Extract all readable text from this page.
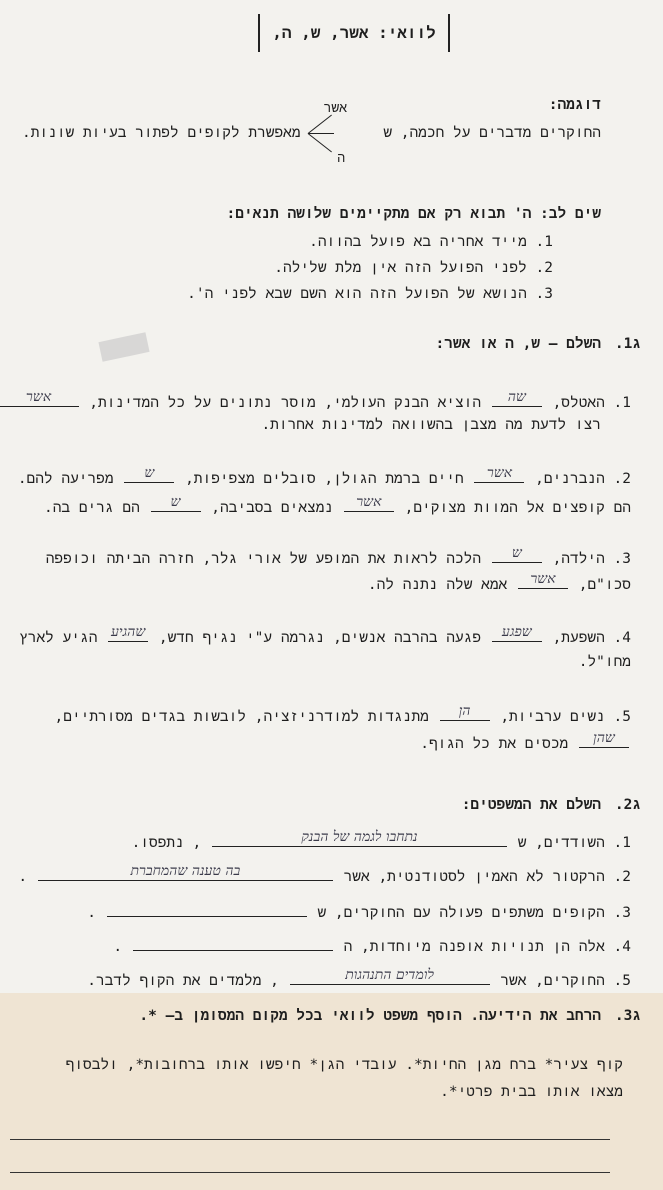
לוואי: אשר, ש, ה,
דוגמה:
אשר
החוקרים מדברים על חכמה, ש
מאפשרת לקופים לפתור בעיות שונות.
ה
שים לב: ה' תבוא רק אם מתקיימים שלושה תנאים:
1. מייד אחריה בא פועל בהווה.
2. לפני הפועל הזה אין מלת שלילה.
3. הנושא של הפועל הזה הוא השם שבא לפני ה'.
ג1.
השלם – ש, ה או אשר:
1. האטלס,
שה
הוציא הבנק העולמי, מוסר נתונים על כל המדינות,
אשר
רצו לדעת מה מצבן בהשוואה למדינות אחרות.
2. הנברנים,
אשר
חיים ברמת הגולן, סובלים מצפיפות,
ש
מפריעה להם.
הם קופצים אל המוות מצוקים,
אשר
נמצאים בסביבה,
ש
הם גרים בה.
3. הילדה,
ש
הלכה לראות את המופע של אורי גלר, חזרה הביתה וכופפה
סכו"ם,
אשר
אמא שלה נתנה לה.
4. השפעת,
שפגע
פגעה בהרבה אנשים, נגרמה ע"י נגיף חדש,
שהגיע
הגיע לארץ
מחו"ל.
5. נשים ערביות,
הן
מתנגדות למודרניזציה, לובשות בגדים מסורתיים,
שהן
מכסים את כל הגוף.
ג2.
השלם את המשפטים:
1. השודדים, ש
נתחבו לגמה של הבנק
, נתפסו.
2. הרקטור לא האמין לסטודנטית, אשר
בה טענה שהמחברת
.
3. הקופים משתפים פעולה עם החוקרים, ש
.
4. אלה הן תנויות אופנה מיוחדות, ה
.
5. החוקרים, אשר
לומדים התנהגות
, מלמדים את הקוף לדבר.
ג3.
הרחב את הידיעה. הוסף משפט לוואי בכל מקום המסומן ב– *.
קוף צעיר* ברח מגן החיות*. עובדי הגן* חיפשו אותו ברחובות*, ולבסוף
מצאו אותו בבית פרטי*.
